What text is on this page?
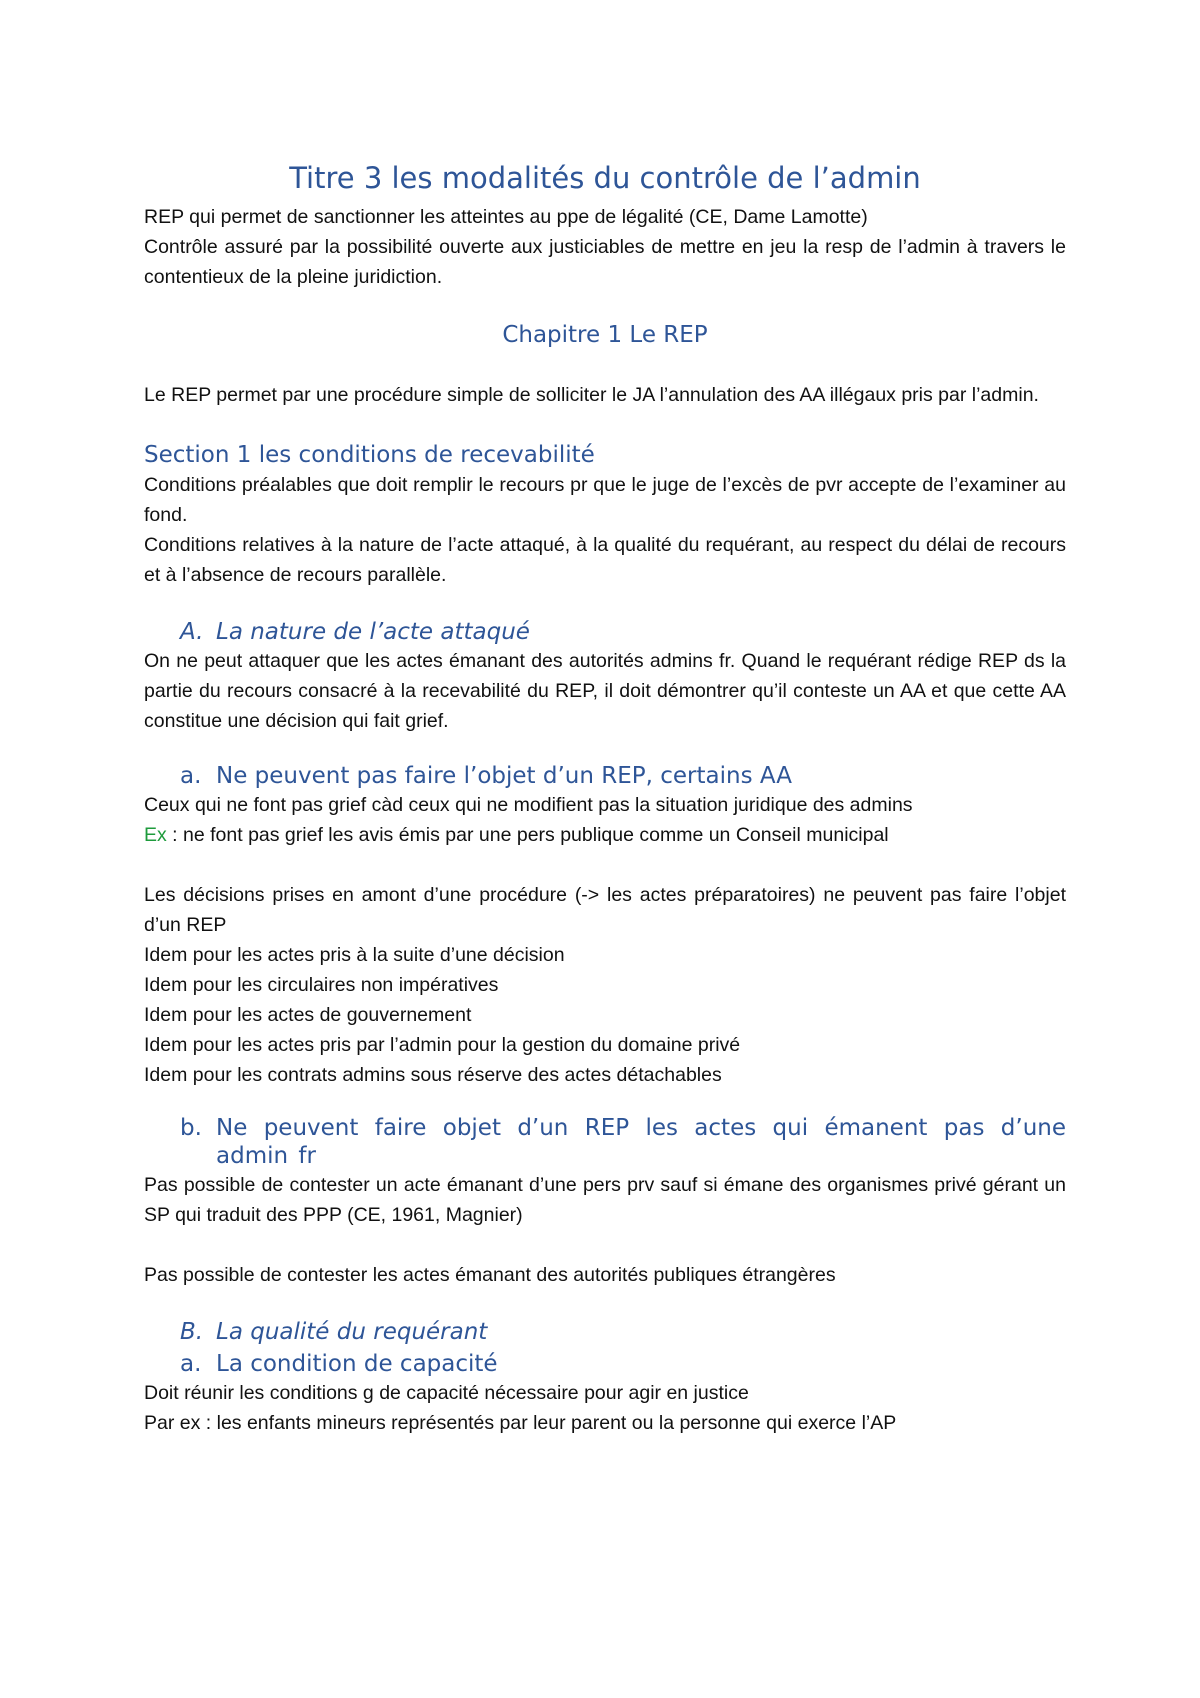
Titre 3 les modalités du contrôle de l’admin

REP qui permet de sanctionner les atteintes au ppe de légalité (CE, Dame Lamotte)

Contrôle assuré par la possibilité ouverte aux justiciables de mettre en jeu la resp de l’admin à travers le contentieux de la pleine juridiction.

Chapitre 1 Le REP

Le REP permet par une procédure simple de solliciter le JA l’annulation des AA illégaux pris par l’admin.

Section 1 les conditions de recevabilité

Conditions préalables que doit remplir le recours pr que le juge de l’excès de pvr accepte de l’examiner au fond.

Conditions relatives à la nature de l’acte attaqué, à la qualité du requérant, au respect du délai de recours et à l’absence de recours parallèle.

A. La nature de l’acte attaqué

On ne peut attaquer que les actes émanant des autorités admins fr. Quand le requérant rédige REP ds la partie du recours consacré à la recevabilité du REP, il doit démontrer qu’il conteste un AA et que cette AA constitue une décision qui fait grief.

a. Ne peuvent pas faire l’objet d’un REP, certains AA

Ceux qui ne font pas grief càd ceux qui ne modifient pas la situation juridique des admins

Ex : ne font pas grief les avis émis par une pers publique comme un Conseil municipal

Les décisions prises en amont d’une procédure (-> les actes préparatoires) ne peuvent pas faire l’objet d’un REP

Idem pour les actes pris à la suite d’une décision

Idem pour les circulaires non impératives

Idem pour les actes de gouvernement

Idem pour les actes pris par l’admin pour la gestion du domaine privé

Idem pour les contrats admins sous réserve des actes détachables

b. Ne peuvent faire objet d’un REP les actes qui émanent pas d’une admin fr

Pas possible de contester un acte émanant d’une pers prv sauf si émane des organismes privé gérant un SP qui traduit des PPP (CE, 1961, Magnier)

Pas possible de contester les actes émanant des autorités publiques étrangères

B. La qualité du requérant
a. La condition de capacité

Doit réunir les conditions g de capacité nécessaire pour agir en justice

Par ex : les enfants mineurs représentés par leur parent ou la personne qui exerce l’AP
